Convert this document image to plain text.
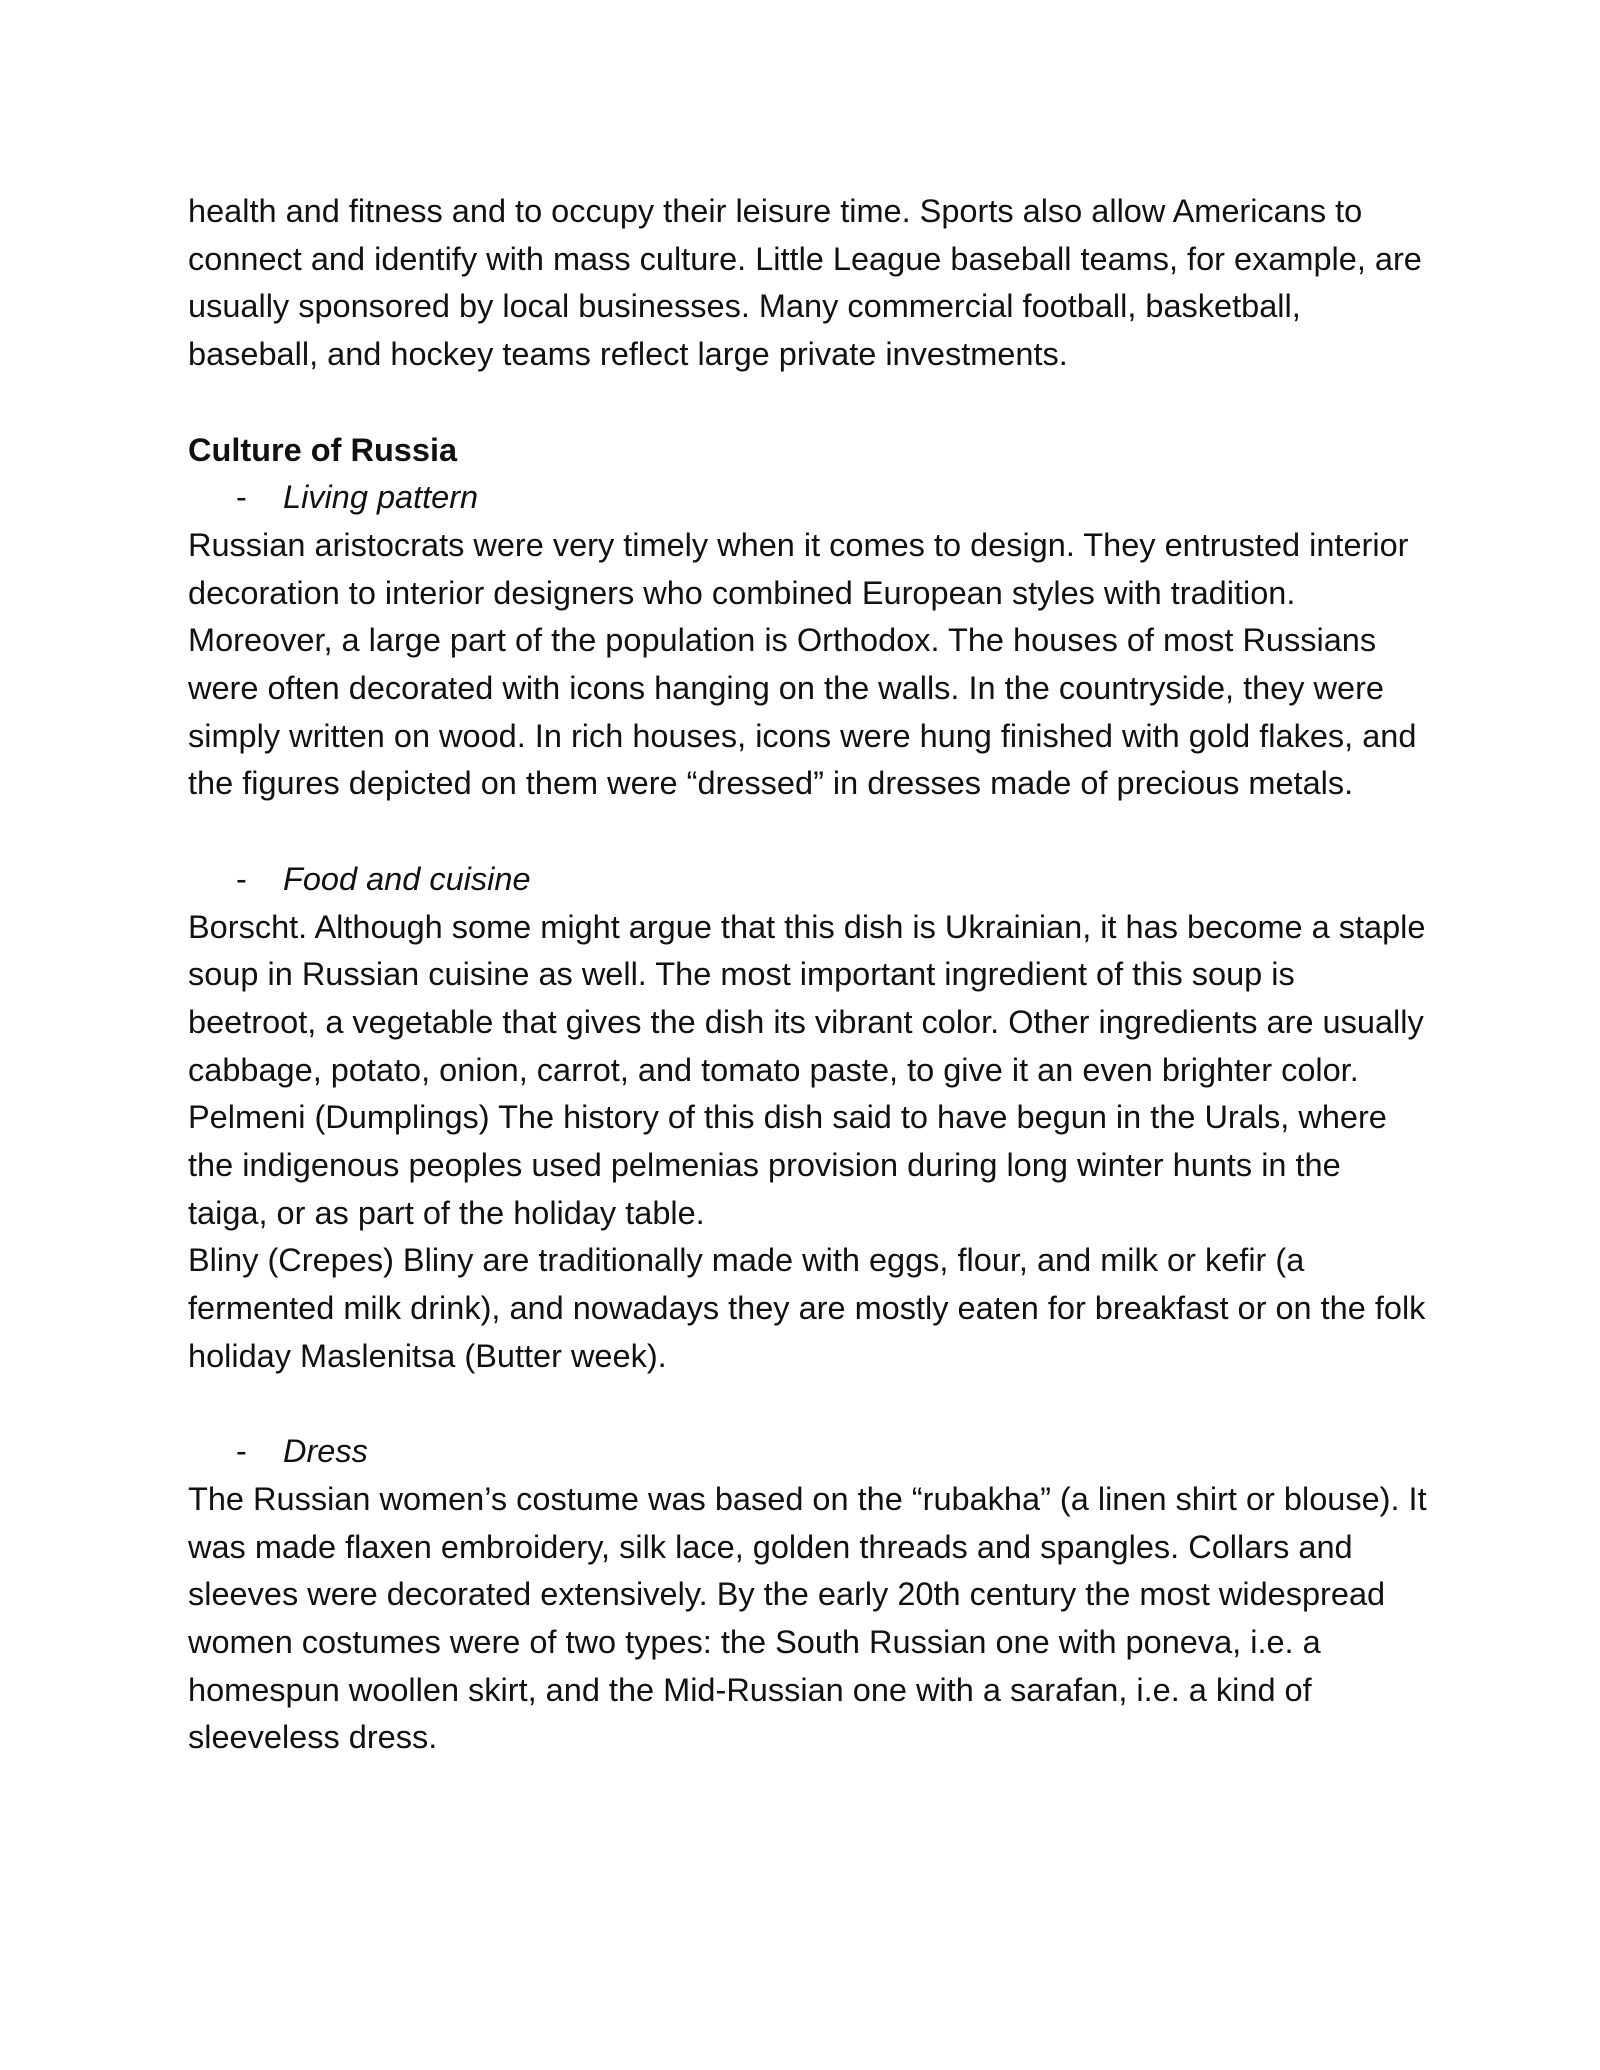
health and fitness and to occupy their leisure time. Sports also allow Americans to connect and identify with mass culture. Little League baseball teams, for example, are usually sponsored by local businesses. Many commercial football, basketball, baseball, and hockey teams reflect large private investments.

Culture of Russia

-	Living pattern

Russian aristocrats were very timely when it comes to design. They entrusted interior decoration to interior designers who combined European styles with tradition. Moreover, a large part of the population is Orthodox. The houses of most Russians were often decorated with icons hanging on the walls. In the countryside, they were simply written on wood. In rich houses, icons were hung finished with gold flakes, and the figures depicted on them were “dressed” in dresses made of precious metals.

-	Food and cuisine

Borscht. Although some might argue that this dish is Ukrainian, it has become a staple soup in Russian cuisine as well. The most important ingredient of this soup is beetroot, a vegetable that gives the dish its vibrant color. Other ingredients are usually cabbage, potato, onion, carrot, and tomato paste, to give it an even brighter color.

Pelmeni (Dumplings) The history of this dish said to have begun in the Urals, where the indigenous peoples used pelmenias provision during long winter hunts in the taiga, or as part of the holiday table.

Bliny (Crepes) Bliny are traditionally made with eggs, flour, and milk or kefir (a fermented milk drink), and nowadays they are mostly eaten for breakfast or on the folk holiday Maslenitsa (Butter week).

-	Dress

The Russian women’s costume was based on the “rubakha” (a linen shirt or blouse). It was made flaxen embroidery, silk lace, golden threads and spangles. Collars and sleeves were decorated extensively. By the early 20th century the most widespread women costumes were of two types: the South Russian one with poneva, i.e. a homespun woollen skirt, and the Mid-Russian one with a sarafan, i.e. a kind of sleeveless dress.
